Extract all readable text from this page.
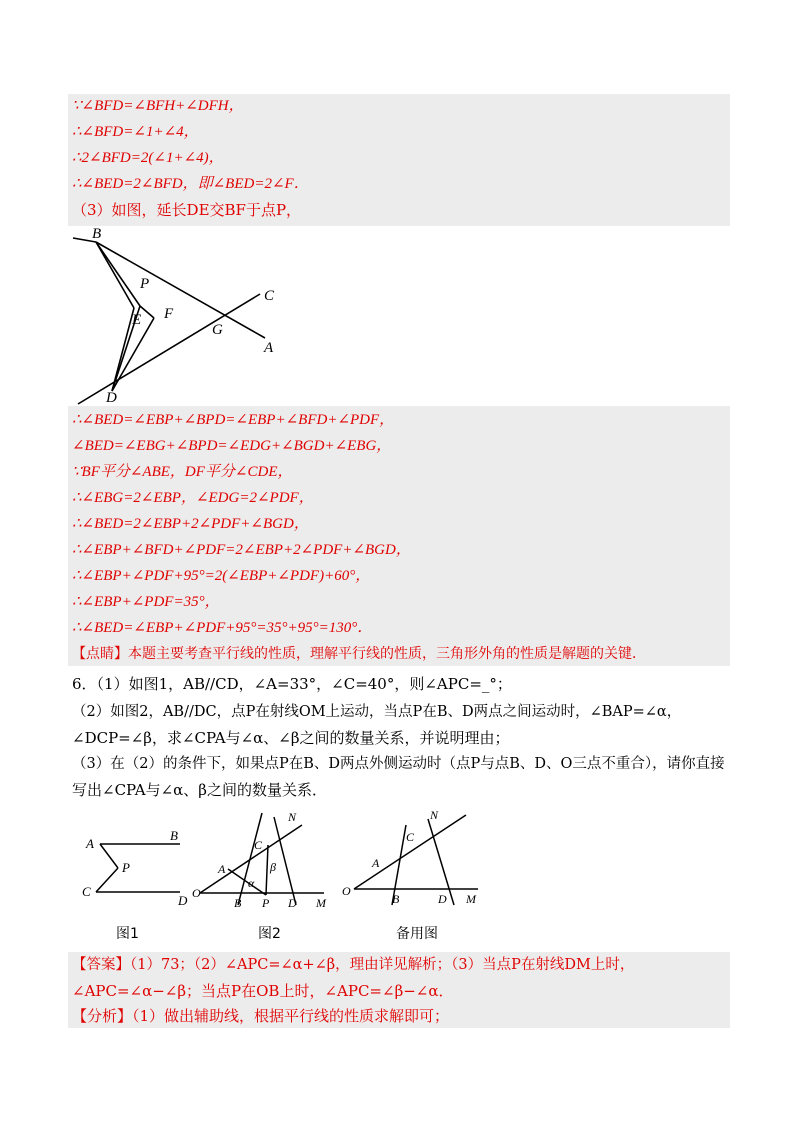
∵∠BFD=∠BFH+∠DFH，
∴∠BFD=∠1+∠4，
∴2∠BFD=2(∠1+∠4)，
∴∠BED=2∠BFD，即∠BED=2∠F．
（3）如图，延长DE交BF于点P，
B
P
E F
G
C
A
D
∴∠BED=∠EBP+∠BPD=∠EBP+∠BFD+∠PDF，
∠BED=∠EBG+∠BPD=∠EDG+∠BGD+∠EBG，
∵BF平分∠ABE，DF平分∠CDE，
∴∠EBG=2∠EBP，∠EDG=2∠PDF，
∴∠BED=2∠EBP+2∠PDF+∠BGD，
∴∠EBP+∠BFD+∠PDF=2∠EBP+2∠PDF+∠BGD，
∴∠EBP+∠PDF+95°=2(∠EBP+∠PDF)+60°，
∴∠EBP+∠PDF=35°，
∴∠BED=∠EBP+∠PDF+95°=35°+95°=130°．
【点睛】本题主要考查平行线的性质，理解平行线的性质，三角形外角的性质是解题的关键．
6．（1）如图1，AB//CD，∠A=33°，∠C=40°，则∠APC=_°；
（2）如图2，AB//DC，点P在射线OM上运动，当点P在B、D两点之间运动时，∠BAP=∠α，
∠DCP=∠β，求∠CPA与∠α、∠β之间的数量关系，并说明理由；
（3）在（2）的条件下，如果点P在B、D两点外侧运动时（点P与点B、D、O三点不重合），请你直接
写出∠CPA与∠α、β之间的数量关系．
A
B
P
C
D
图1
N
C
β
A
α
O
B P D M
图2
N
C
A
O
B	D M
备用图
【答案】（1）73；（2）∠APC=∠α+∠β，理由详见解析；（3）当点P在射线DM上时，
∠APC=∠α−∠β；当点P在OB上时，∠APC=∠β−∠α．
【分析】（1）做出辅助线，根据平行线的性质求解即可；
